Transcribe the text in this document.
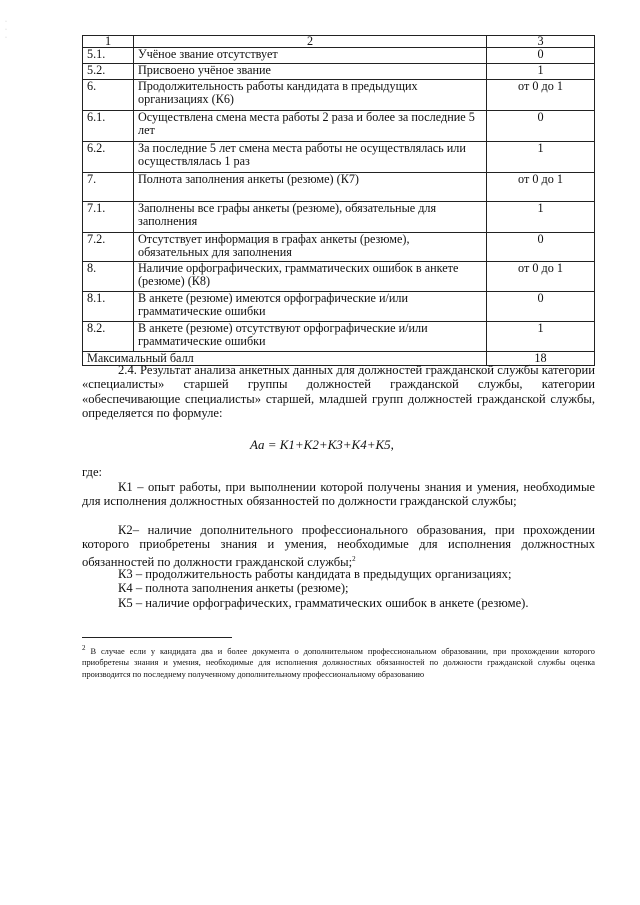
·
·
·	1	2	3
5.1.	Учёное звание отсутствует	0
5.2.	Присвоено учёное звание	1
6.	Продолжительность работы кандидата в предыдущих организациях (К6)	от 0 до 1
6.1.	Осуществлена смена места работы 2 раза и более за последние 5 лет	0
6.2.	За последние 5 лет смена места работы не осуществлялась или осуществлялась 1 раз	1
7.	Полнота заполнения анкеты (резюме) (К7)	от 0 до 1
7.1.	Заполнены все графы анкеты (резюме), обязательные для заполнения	1
7.2.	Отсутствует информация в графах анкеты (резюме), обязательных для заполнения	0
8.	Наличие орфографических, грамматических ошибок в анкете (резюме) (К8)	от 0 до 1
8.1.	В анкете (резюме) имеются орфографические и/или грамматические ошибки	0
8.2.	В анкете (резюме) отсутствуют орфографические и/или грамматические ошибки	1
Максимальный балл		18
2.4. Результат анализа анкетных данных для должностей гражданской службы категории «специалисты» старшей группы должностей гражданской службы, категории «обеспечивающие специалисты» старшей, младшей групп должностей гражданской службы, определяется по формуле:
Aa = K1+K2+K3+K4+K5,
где:
К1 – опыт работы, при выполнении которой получены знания и умения, необходимые для исполнения должностных обязанностей по должности гражданской службы;
К2– наличие дополнительного профессионального образования, при прохождении которого приобретены знания и умения, необходимые для исполнения должностных обязанностей по должности гражданской службы;$^2$
К3 – продолжительность работы кандидата в предыдущих организациях;
К4 – полнота заполнения анкеты (резюме);
К5 – наличие орфографических, грамматических ошибок в анкете (резюме).
$^2$ В случае если у кандидата два и более документа о дополнительном профессиональном образовании, при прохождении которого приобретены знания и умения, необходимые для исполнения должностных обязанностей по должности гражданской службы оценка производится по последнему полученному дополнительному профессиональному образованию
